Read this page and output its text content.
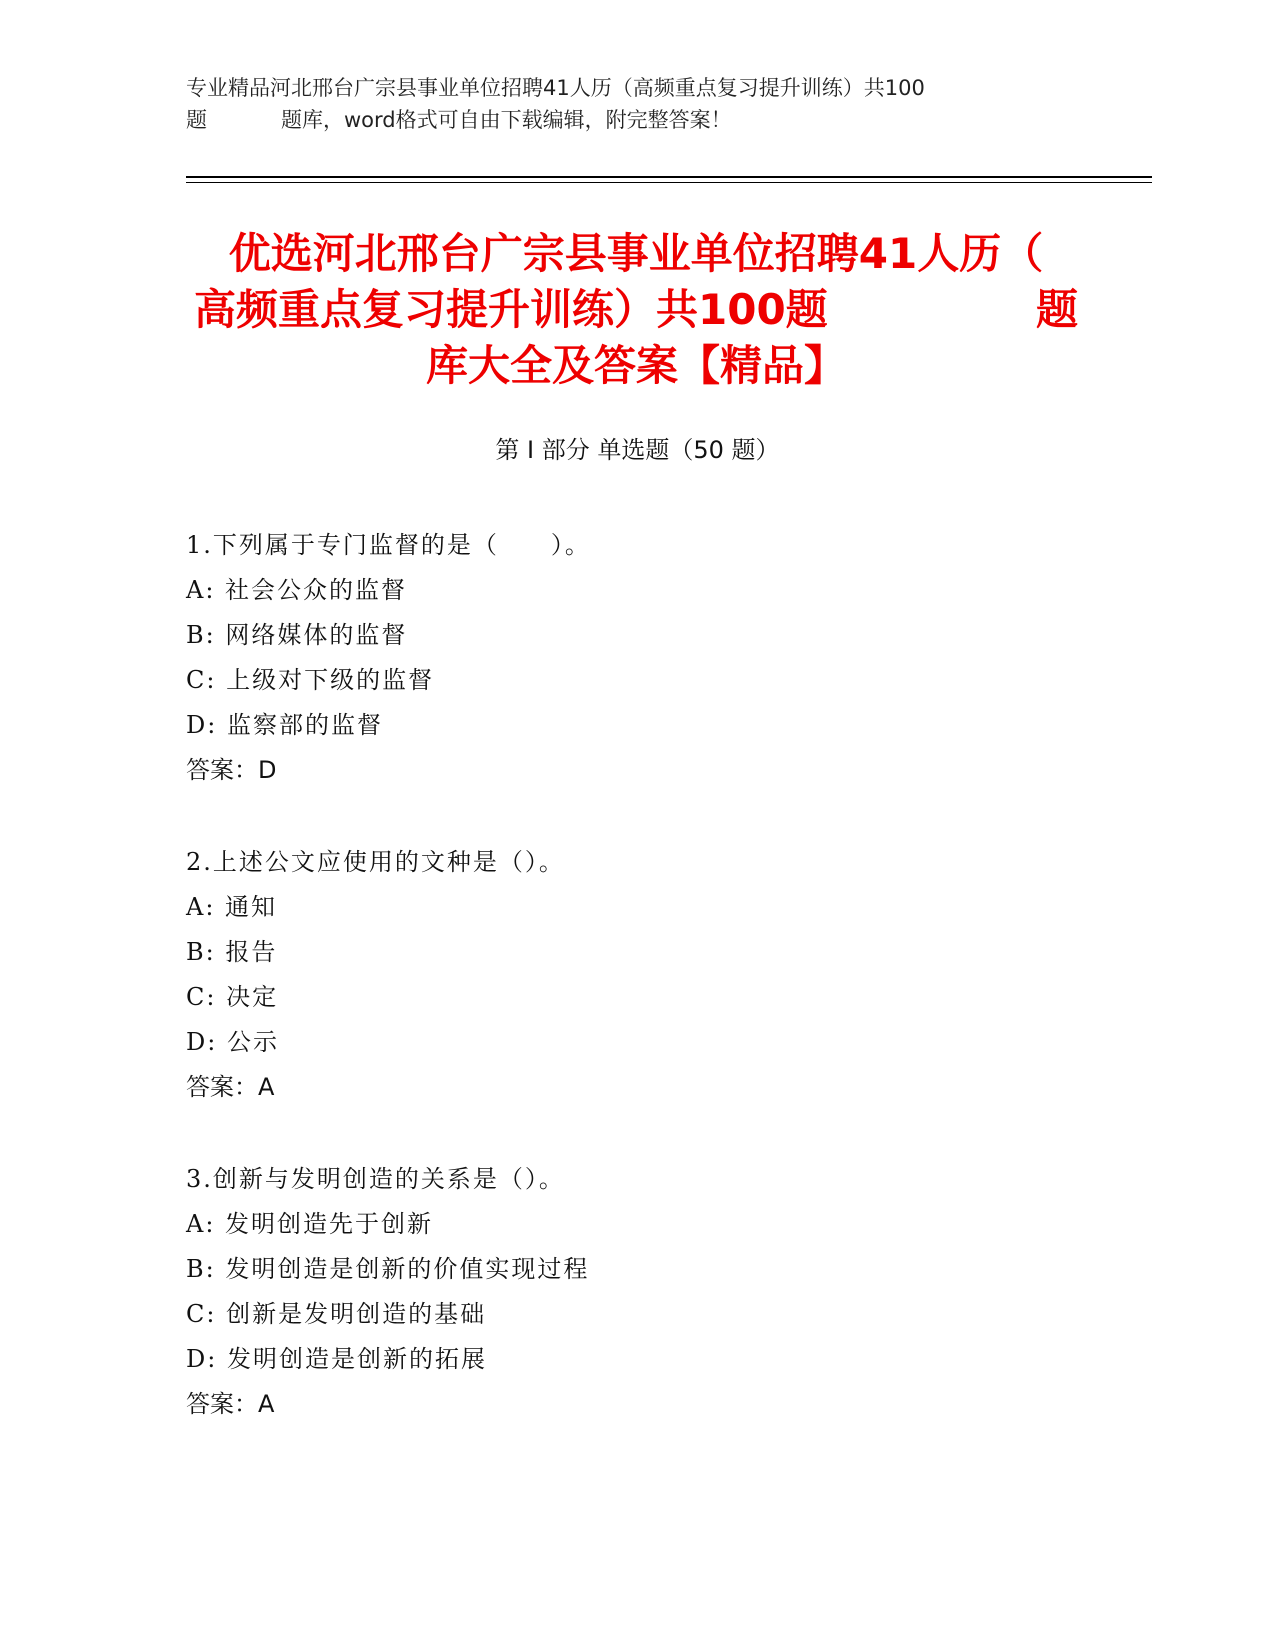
专业精品河北邢台广宗县事业单位招聘41人历（高频重点复习提升训练）共100
题	题库，word格式可自由下载编辑，附完整答案！
优选河北邢台广宗县事业单位招聘41人历（
高频重点复习提升训练）共100题	题
库大全及答案【精品】
第 I 部分 单选题（50 题）
1.下列属于专门监督的是（　　）。
A: 社会公众的监督
B: 网络媒体的监督
C: 上级对下级的监督
D: 监察部的监督
答案：D
2.上述公文应使用的文种是（）。
A: 通知
B: 报告
C: 决定
D: 公示
答案：A
3.创新与发明创造的关系是（）。
A: 发明创造先于创新
B: 发明创造是创新的价值实现过程
C: 创新是发明创造的基础
D: 发明创造是创新的拓展
答案：A
